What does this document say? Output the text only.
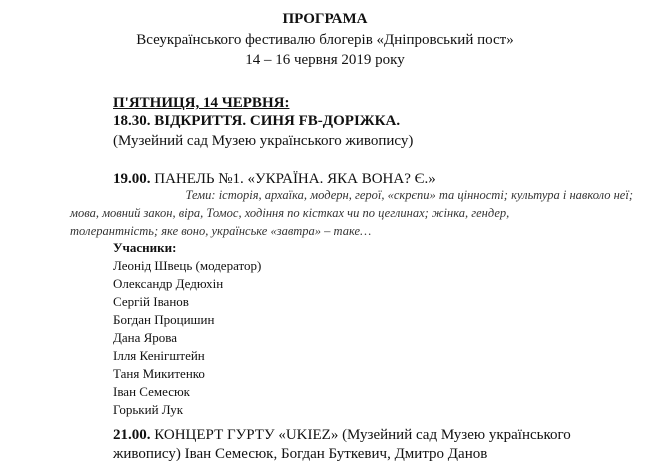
ПРОГРАМА
Всеукраїнського фестивалю блогерів «Дніпровський пост»
14 – 16 червня 2019 року
П'ЯТНИЦЯ, 14 ЧЕРВНЯ:
18.30. ВІДКРИТТЯ. СИНЯ FB-ДОРІЖКА.
(Музейний сад Музею українського живопису)
19.00. ПАНЕЛЬ №1. «УКРАЇНА. ЯКА ВОНА? Є.»
Теми: історія, архаїка, модерн, герої, «скрєпи» та цінності; культура і навколо неї;
мова, мовний закон, віра, Томос, ходіння по кістках чи по цеглинах; жінка, гендер,
толерантність; яке воно, українське «завтра» – таке…
Учасники:
Леонід Швець (модератор)
Олександр Дедюхін
Сергій Іванов
Богдан Процишин
Дана Ярова
Ілля Кенігштейн
Таня Микитенко
Іван Семесюк
Горький Лук
21.00. КОНЦЕРТ ГУРТУ «UKIEZ» (Музейний сад Музею українського
живопису) Іван Семесюк, Богдан Буткевич, Дмитро Данов
